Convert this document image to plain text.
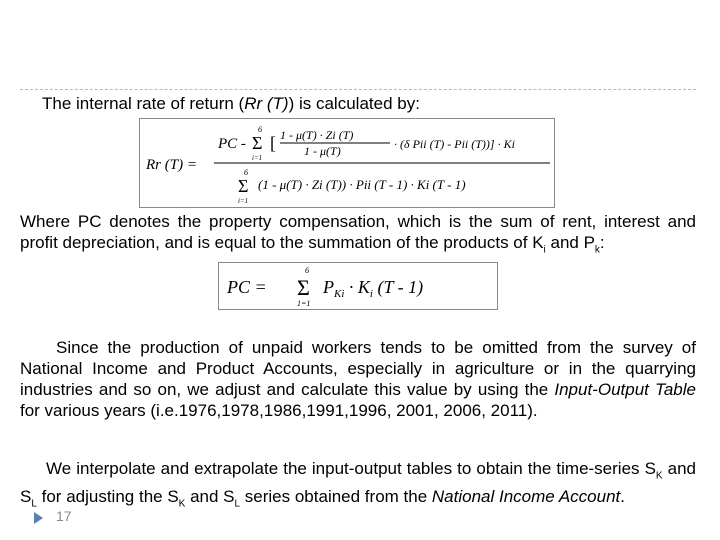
The internal rate of return (Rr (T)) is calculated by:
Rr (T) =
PC -
6
Σ
i=1
[ 1 - μ(T) · Zi (T)
1 - μ(T)	· (δ Pii (T) - Pii (T))] · Ki
6
Σ
i=1
(1 - μ(T) · Zi (T)) · Pii (T - 1) · Ki (T - 1)
Where PC denotes the property compensation, which is the sum of rent, interest and profit depreciation, and is equal to the summation of the products of $K_i$ and $P_k$:
PC =
6
Σ
1=1
$P_{Ki} \cdot K_i$ (T - 1)
Since the production of unpaid workers tends to be omitted from the survey of National Income and Product Accounts, especially in agriculture or in the quarrying industries and so on, we adjust and calculate this value by using the Input-Output Table for various years (i.e.1976,1978,1986,1991,1996, 2001, 2006, 2011).
We interpolate and extrapolate the input-output tables to obtain the time-series $S_K$ and $S_L$ for adjusting the $S_K$ and $S_L$ series obtained from the National Income Account.
17
